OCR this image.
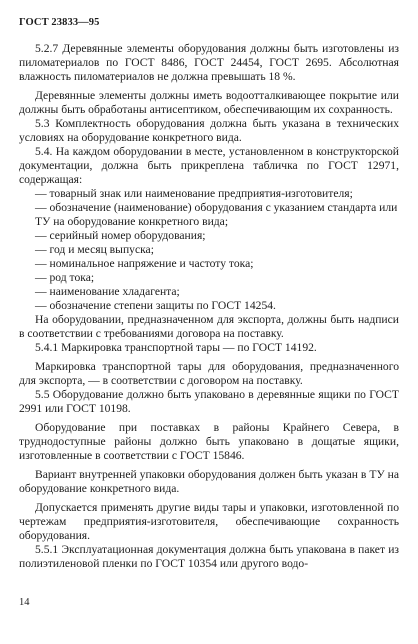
ГОСТ 23833—95

5.2.7 Деревянные элементы оборудования должны быть изготовлены из пиломатериалов по ГОСТ 8486, ГОСТ 24454, ГОСТ 2695. Абсолютная влажность пиломатериалов не должна превышать 18 %.

Деревянные элементы должны иметь водоотталкивающее покрытие или должны быть обработаны антисептиком, обеспечивающим их сохранность.

5.3 Комплектность оборудования должна быть указана в технических условиях на оборудование конкретного вида.

5.4. На каждом оборудовании в месте, установленном в конструкторской документации, должна быть прикреплена табличка по ГОСТ 12971, содержащая:

— товарный знак или наименование предприятия-изготовителя;

— обозначение (наименование) оборудования с указанием стандарта или ТУ на оборудование конкретного вида;

— серийный номер оборудования;

— год и месяц выпуска;

— номинальное напряжение и частоту тока;

— род тока;

— наименование хладагента;

— обозначение степени защиты по ГОСТ 14254.

На оборудовании, предназначенном для экспорта, должны быть надписи в соответствии с требованиями договора на поставку.

5.4.1 Маркировка транспортной тары — по ГОСТ 14192.

Маркировка транспортной тары для оборудования, предназначенного для экспорта, — в соответствии с договором на поставку.

5.5 Оборудование должно быть упаковано в деревянные ящики по ГОСТ 2991 или ГОСТ 10198.

Оборудование при поставках в районы Крайнего Севера, в труднодоступные районы должно быть упаковано в дощатые ящики, изготовленные в соответствии с ГОСТ 15846.

Вариант внутренней упаковки оборудования должен быть указан в ТУ на оборудование конкретного вида.

Допускается применять другие виды тары и упаковки, изготовленной по чертежам предприятия-изготовителя, обеспечивающие сохранность оборудования.

5.5.1 Эксплуатационная документация должна быть упакована в пакет из полиэтиленовой пленки по ГОСТ 10354 или другого водо-

14
